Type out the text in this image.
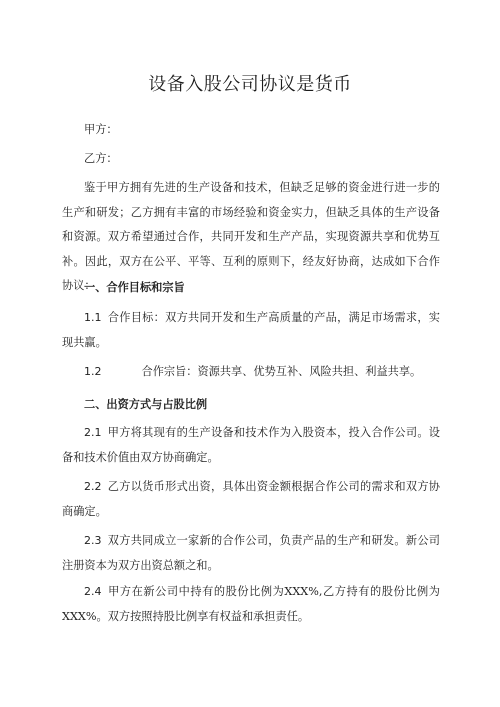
设备入股公司协议是货币
甲方：
乙方：
鉴于甲方拥有先进的生产设备和技术，但缺乏足够的资金进行进一步的生产和研发；乙方拥有丰富的市场经验和资金实力，但缺乏具体的生产设备和资源。双方希望通过合作，共同开发和生产产品，实现资源共享和优势互补。因此，双方在公平、平等、互利的原则下，经友好协商，达成如下合作协议：
一、合作目标和宗旨
1.1 合作目标：双方共同开发和生产高质量的产品，满足市场需求，实现共赢。
1.2	合作宗旨：资源共享、优势互补、风险共担、利益共享。
二、出资方式与占股比例
2.1 甲方将其现有的生产设备和技术作为入股资本，投入合作公司。设备和技术价值由双方协商确定。
2.2 乙方以货币形式出资，具体出资金额根据合作公司的需求和双方协商确定。
2.3 双方共同成立一家新的合作公司，负责产品的生产和研发。新公司注册资本为双方出资总额之和。
2.4 甲方在新公司中持有的股份比例为XXX%,乙方持有的股份比例为XXX%。双方按照持股比例享有权益和承担责任。
